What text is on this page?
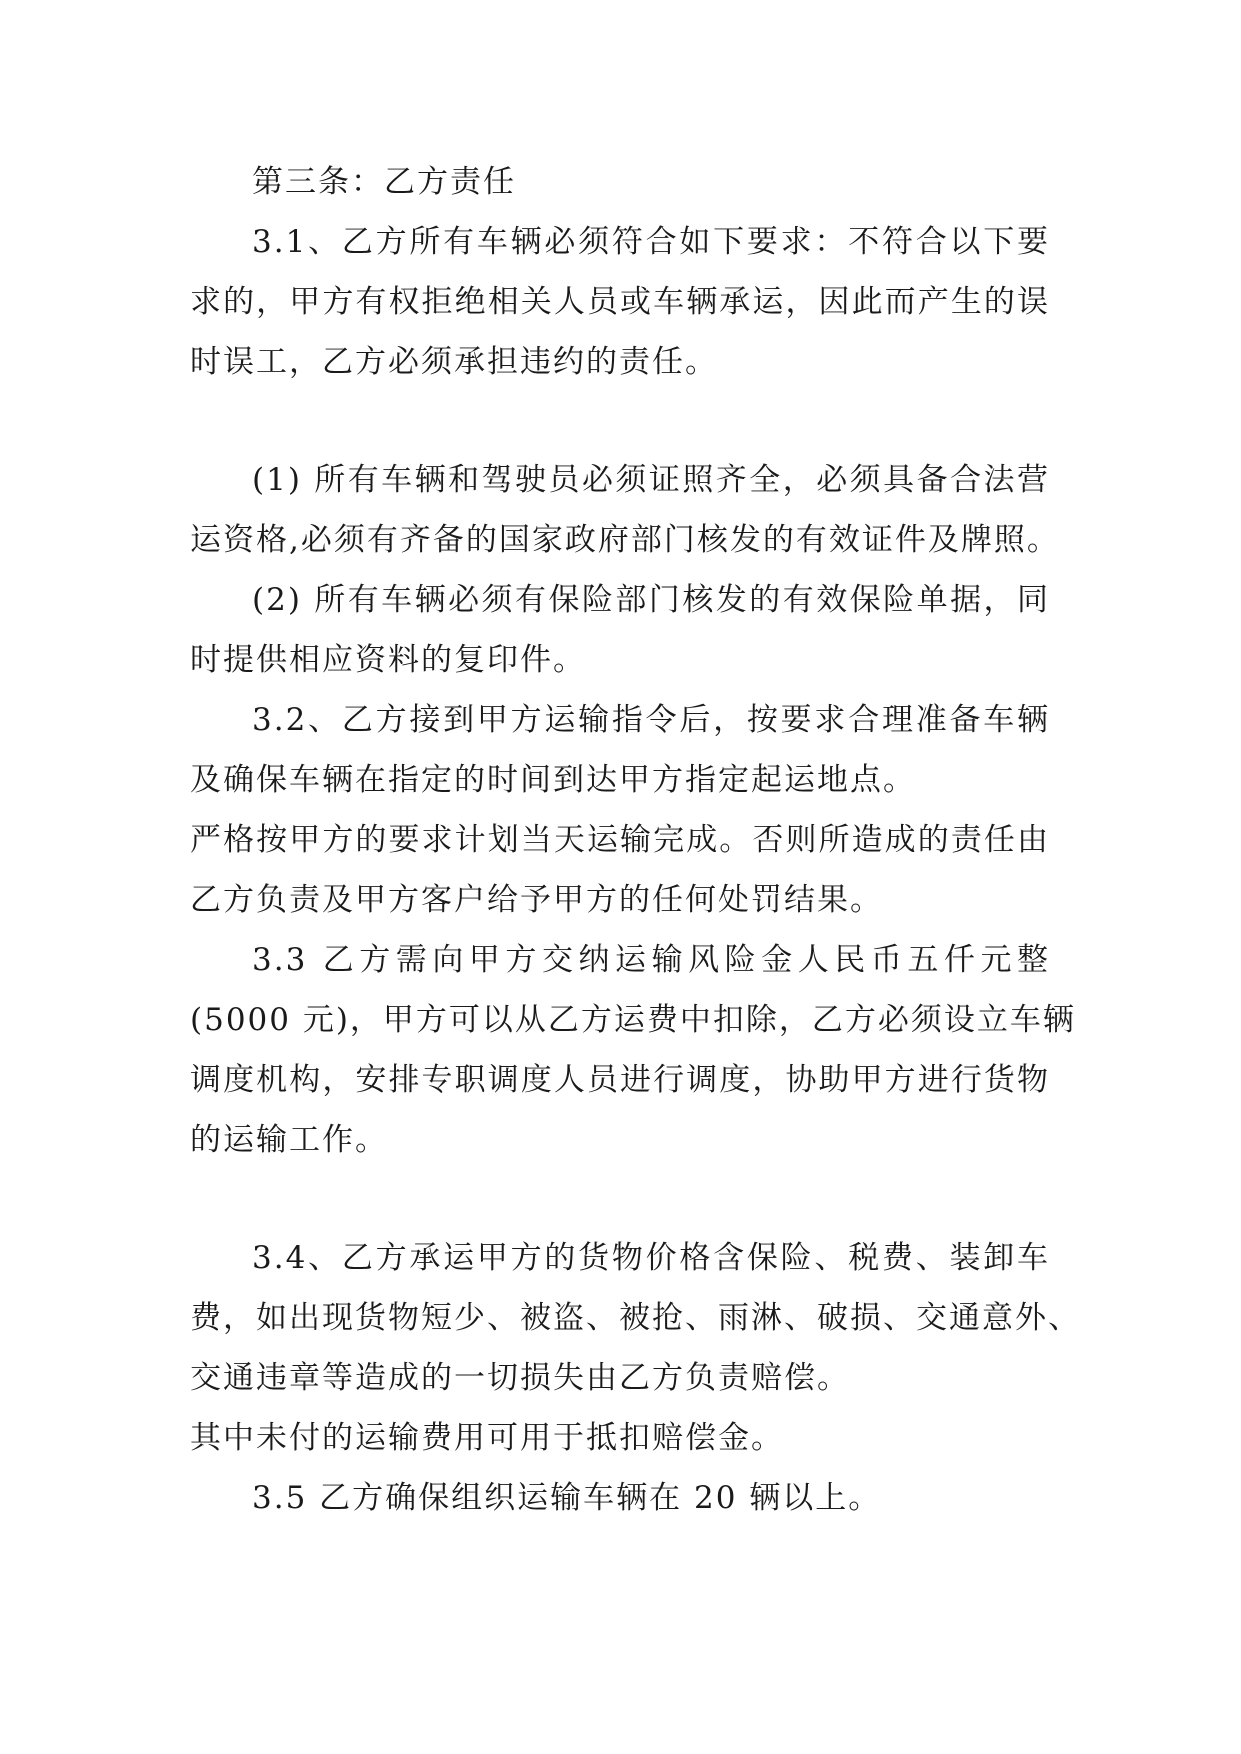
第三条：乙方责任
3.1、乙方所有车辆必须符合如下要求：不符合以下要
求的，甲方有权拒绝相关人员或车辆承运，因此而产生的误
时误工，乙方必须承担违约的责任。
(1) 所有车辆和驾驶员必须证照齐全，必须具备合法营
运资格,必须有齐备的国家政府部门核发的有效证件及牌照。
(2) 所有车辆必须有保险部门核发的有效保险单据，同
时提供相应资料的复印件。
3.2、乙方接到甲方运输指令后，按要求合理准备车辆
及确保车辆在指定的时间到达甲方指定起运地点。
严格按甲方的要求计划当天运输完成。否则所造成的责任由
乙方负责及甲方客户给予甲方的任何处罚结果。
3.3 乙方需向甲方交纳运输风险金人民币五仟元整
(5000 元)，甲方可以从乙方运费中扣除，乙方必须设立车辆
调度机构，安排专职调度人员进行调度，协助甲方进行货物
的运输工作。
3.4、乙方承运甲方的货物价格含保险、税费、装卸车
费，如出现货物短少、被盗、被抢、雨淋、破损、交通意外、
交通违章等造成的一切损失由乙方负责赔偿。
其中未付的运输费用可用于抵扣赔偿金。
3.5 乙方确保组织运输车辆在 20 辆以上。
